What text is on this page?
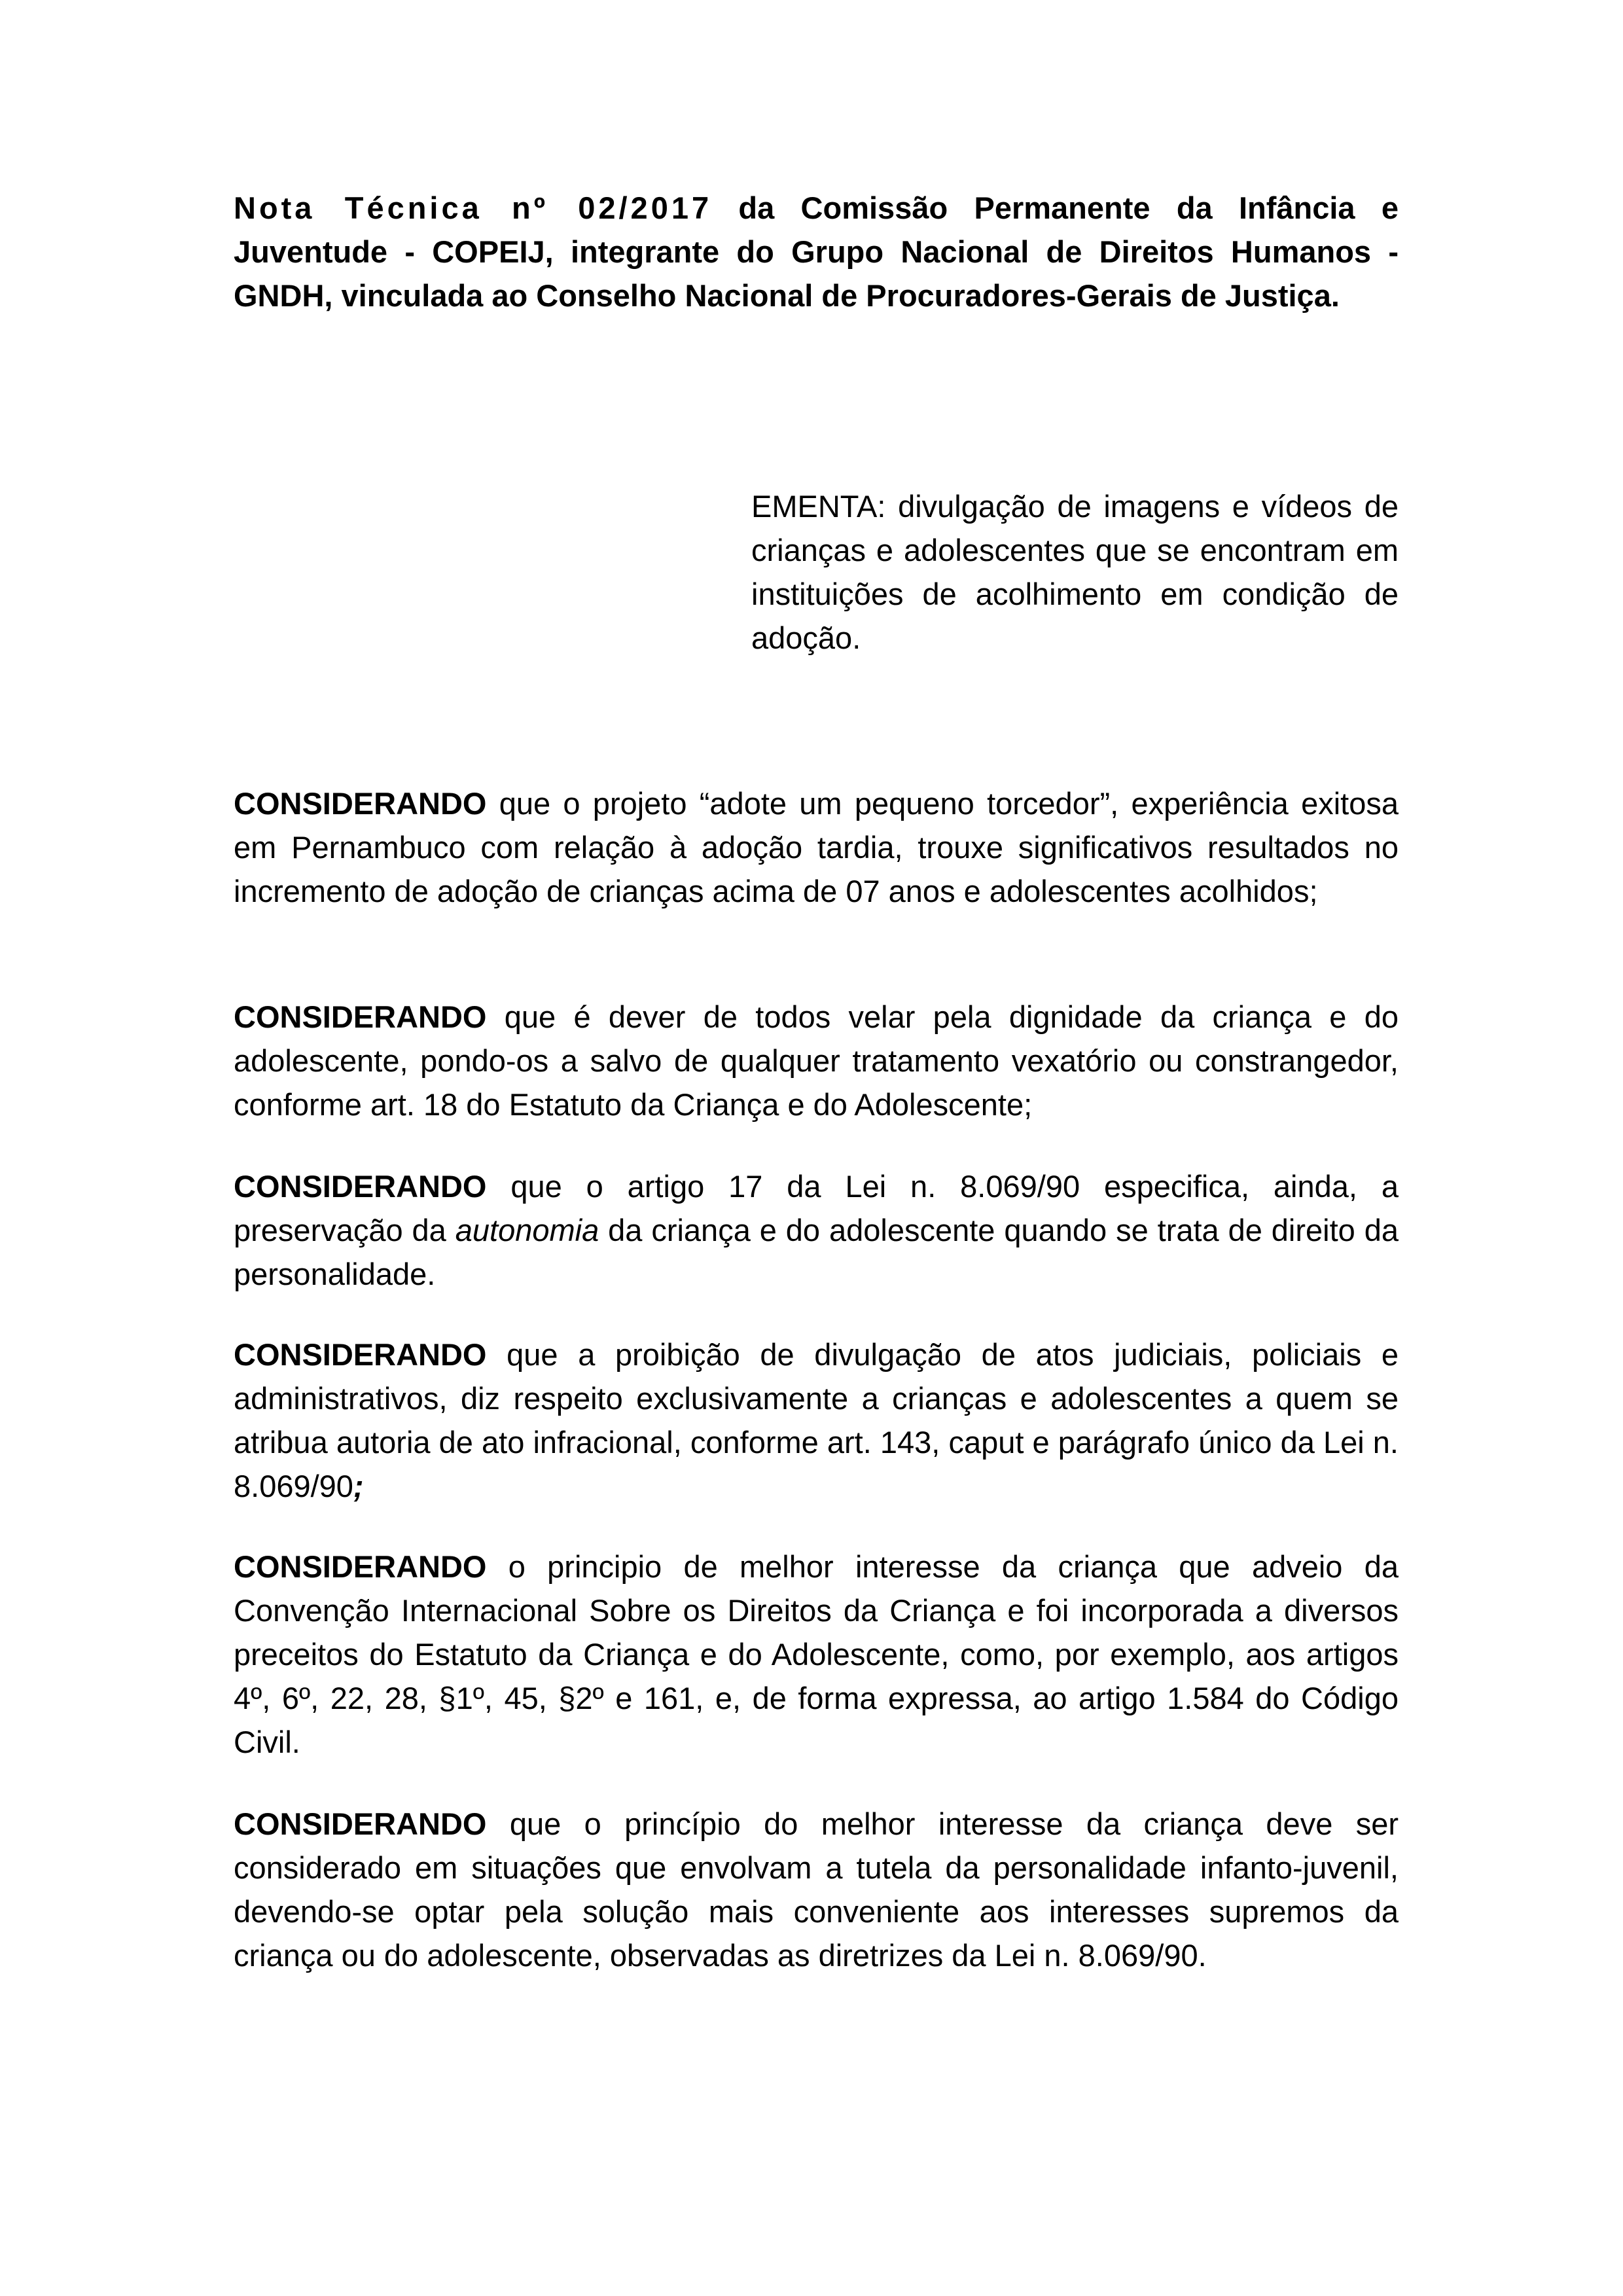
Nota Técnica nº 02/2017 da Comissão Permanente da Infância e Juventude - COPEIJ, integrante do Grupo Nacional de Direitos Humanos - GNDH, vinculada ao Conselho Nacional de Procuradores-Gerais de Justiça.

EMENTA: divulgação de imagens e vídeos de crianças e adolescentes que se encontram em instituições de acolhimento em condição de adoção.

CONSIDERANDO que o projeto “adote um pequeno torcedor”, experiência exitosa em Pernambuco com relação à adoção tardia, trouxe significativos resultados no incremento de adoção de crianças acima de 07 anos e adolescentes acolhidos;

CONSIDERANDO que é dever de todos velar pela dignidade da criança e do adolescente, pondo-os a salvo de qualquer tratamento vexatório ou constrangedor, conforme art. 18 do Estatuto da Criança e do Adolescente;

CONSIDERANDO que o artigo 17 da Lei n. 8.069/90 especifica, ainda, a preservação da autonomia da criança e do adolescente quando se trata de direito da personalidade.

CONSIDERANDO que a proibição de divulgação de atos judiciais, policiais e administrativos, diz respeito exclusivamente a crianças e adolescentes a quem se atribua autoria de ato infracional, conforme art. 143, caput e parágrafo único da Lei n. 8.069/90;

CONSIDERANDO o principio de melhor interesse da criança que adveio da Convenção Internacional Sobre os Direitos da Criança e foi incorporada a diversos preceitos do Estatuto da Criança e do Adolescente, como, por exemplo, aos artigos 4º, 6º, 22, 28, §1º, 45, §2º e 161, e, de forma expressa, ao artigo 1.584 do Código Civil.

CONSIDERANDO que o princípio do melhor interesse da criança deve ser considerado em situações que envolvam a tutela da personalidade infanto-juvenil, devendo-se optar pela solução mais conveniente aos interesses supremos da criança ou do adolescente, observadas as diretrizes da Lei n. 8.069/90.
